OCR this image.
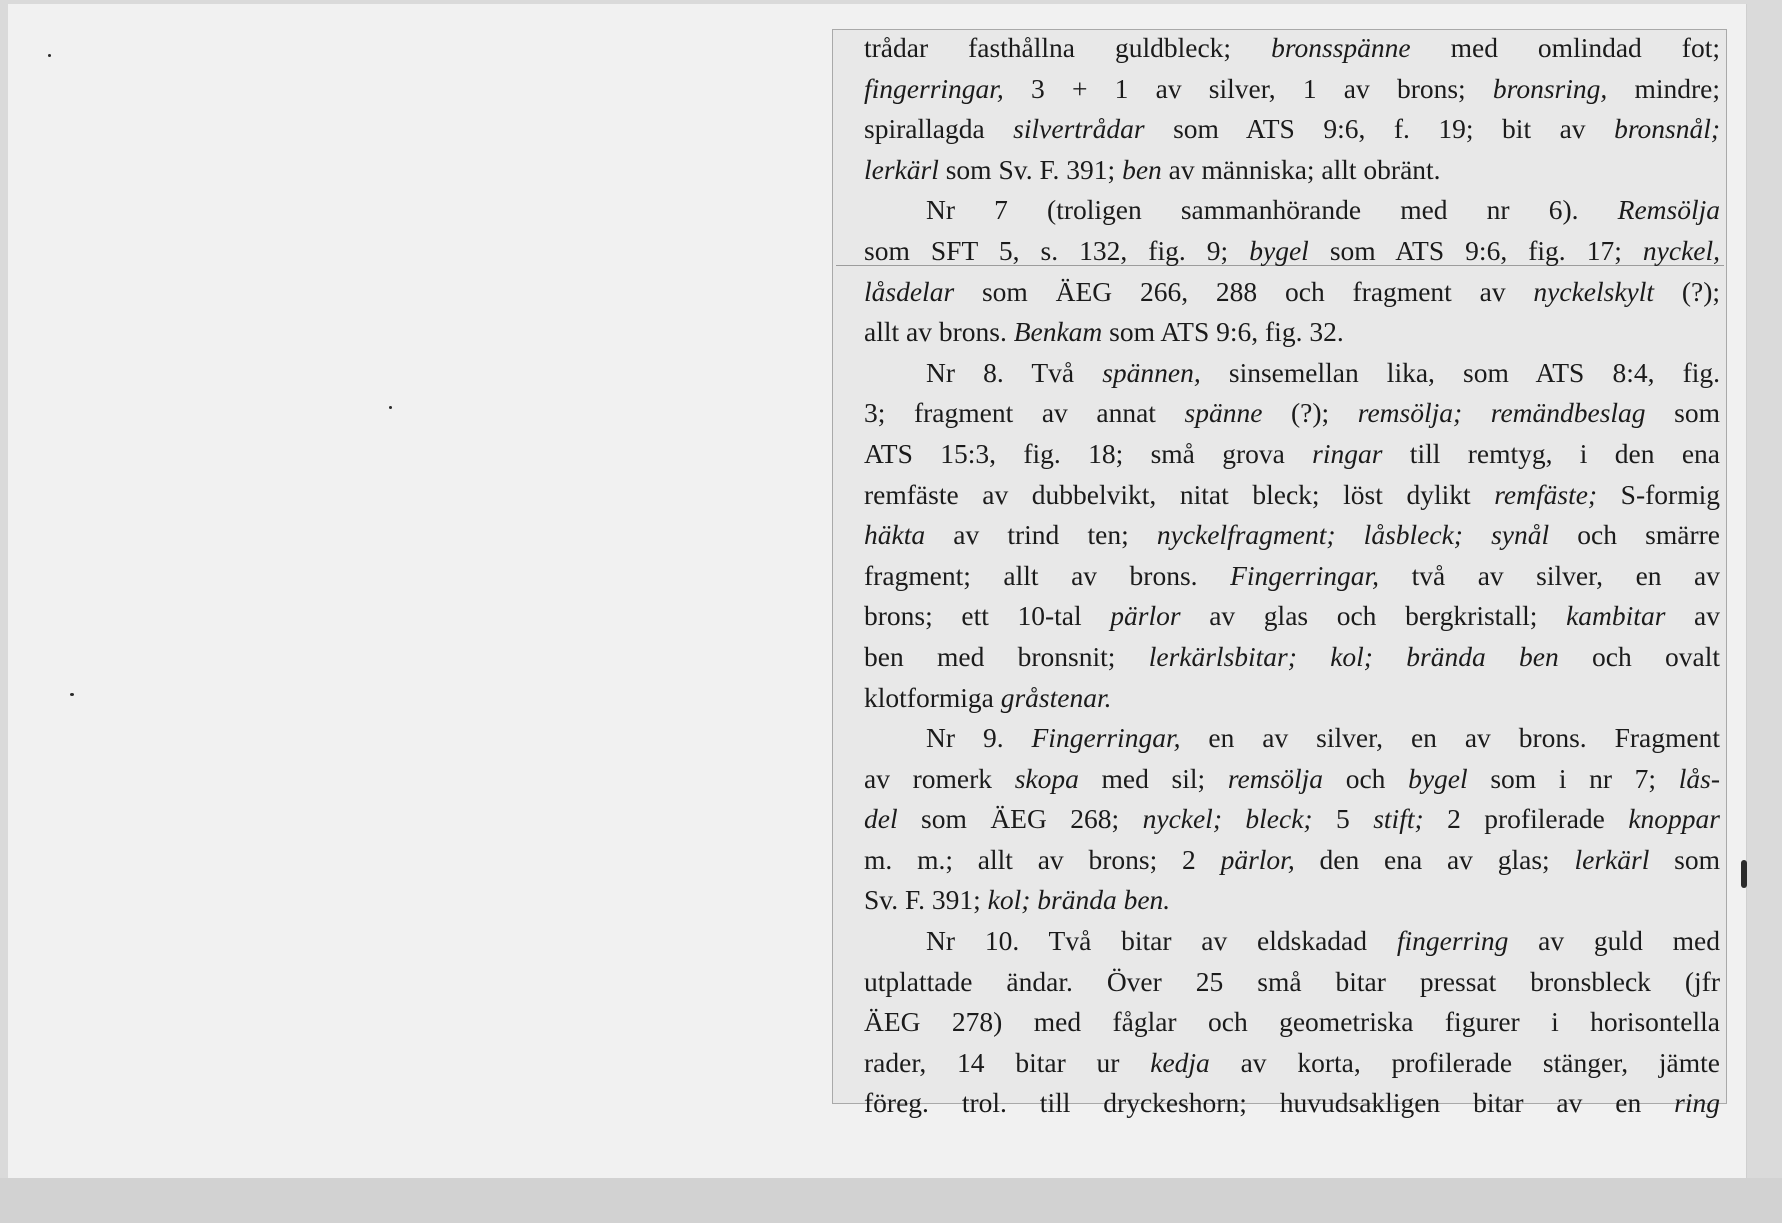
trådar fasthållna guldbleck; bronsspänne med omlindad fot;
fingerringar, 3 + 1 av silver, 1 av brons; bronsring, mindre;
spirallagda silvertrådar som ATS 9:6, f. 19; bit av bronsnål;
lerkärl som Sv. F. 391; ben av människa; allt obränt.
Nr 7 (troligen sammanhörande med nr 6). Remsölja
som SFT 5, s. 132, fig. 9; bygel som ATS 9:6, fig. 17; nyckel,
låsdelar som ÄEG 266, 288 och fragment av nyckelskylt (?);
allt av brons. Benkam som ATS 9:6, fig. 32.
Nr 8. Två spännen, sinsemellan lika, som ATS 8:4, fig.
3; fragment av annat spänne (?); remsölja; remändbeslag som
ATS 15:3, fig. 18; små grova ringar till remtyg, i den ena
remfäste av dubbelvikt, nitat bleck; löst dylikt remfäste; S-formig
häkta av trind ten; nyckelfragment; låsbleck; synål och smärre
fragment; allt av brons. Fingerringar, två av silver, en av
brons; ett 10-tal pärlor av glas och bergkristall; kambitar av
ben med bronsnit; lerkärlsbitar; kol; brända ben och ovalt
klotformiga gråstenar.
Nr 9. Fingerringar, en av silver, en av brons. Fragment
av romerk skopa med sil; remsölja och bygel som i nr 7; lås-
del som ÄEG 268; nyckel; bleck; 5 stift; 2 profilerade knoppar
m. m.; allt av brons; 2 pärlor, den ena av glas; lerkärl som
Sv. F. 391; kol; brända ben.
Nr 10. Två bitar av eldskadad fingerring av guld med
utplattade ändar. Över 25 små bitar pressat bronsbleck (jfr
ÄEG 278) med fåglar och geometriska figurer i horisontella
rader, 14 bitar ur kedja av korta, profilerade stänger, jämte
föreg. trol. till dryckeshorn; huvudsakligen bitar av en ring
